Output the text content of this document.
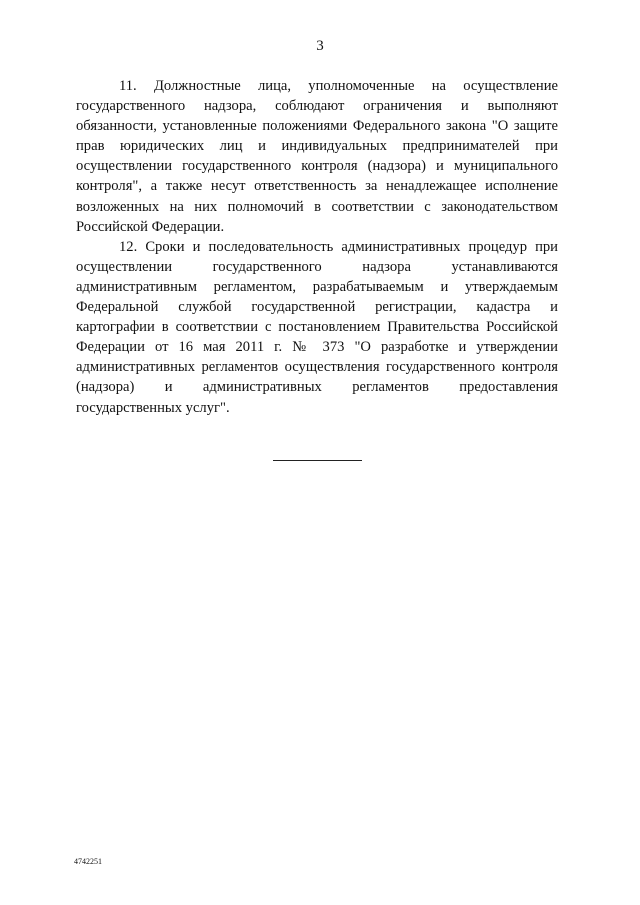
3

11. Должностные лица, уполномоченные на осуществление государственного надзора, соблюдают ограничения и выполняют обязанности, установленные положениями Федерального закона "О защите прав юридических лиц и индивидуальных предпринимателей при осуществлении государственного контроля (надзора) и муниципального контроля", а также несут ответственность за ненадлежащее исполнение возложенных на них полномочий в соответствии с законодательством Российской Федерации.

12. Сроки и последовательность административных процедур при осуществлении государственного надзора устанавливаются административным регламентом, разрабатываемым и утверждаемым Федеральной службой государственной регистрации, кадастра и картографии в соответствии с постановлением Правительства Российской Федерации от 16 мая 2011 г. № 373 "О разработке и утверждении административных регламентов осуществления государственного контроля (надзора) и административных регламентов предоставления государственных услуг".

4742251
